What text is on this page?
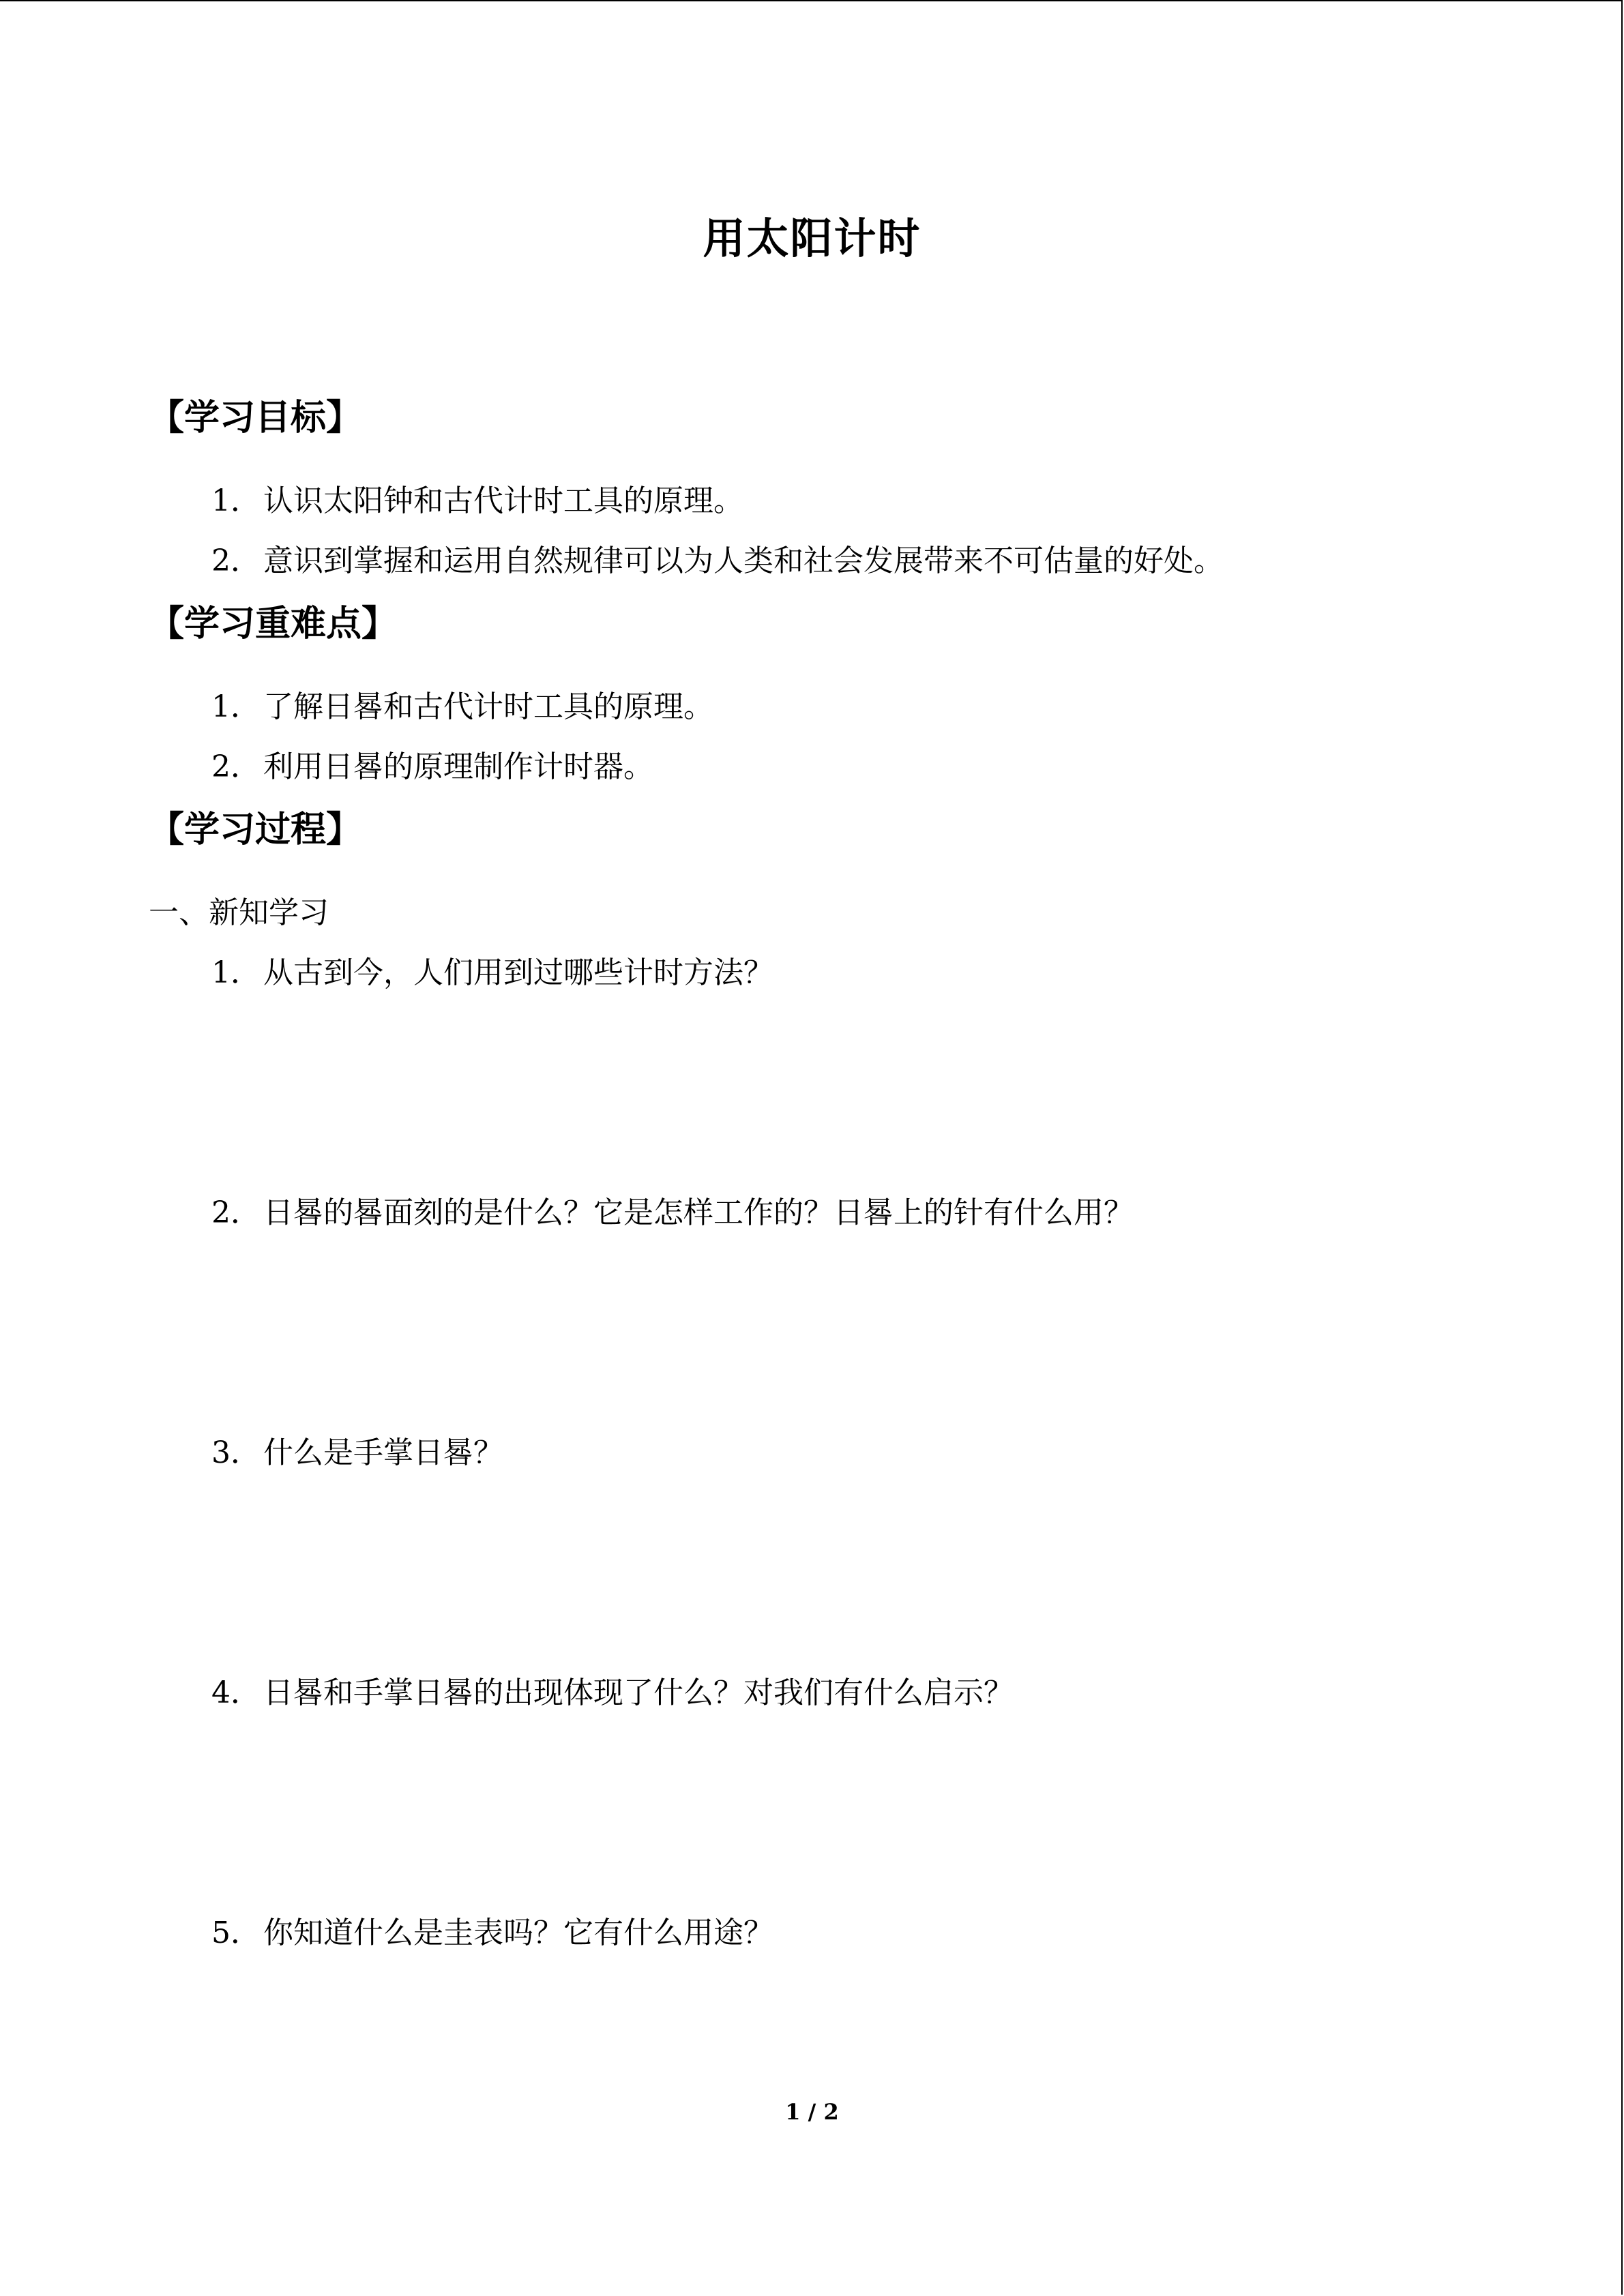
用太阳计时
【学习目标】
1．认识太阳钟和古代计时工具的原理。
2．意识到掌握和运用自然规律可以为人类和社会发展带来不可估量的好处。
【学习重难点】
1．了解日晷和古代计时工具的原理。
2．利用日晷的原理制作计时器。
【学习过程】
一、新知学习
1．从古到今，人们用到过哪些计时方法？
2．日晷的晷面刻的是什么？它是怎样工作的？日晷上的针有什么用？
3．什么是手掌日晷？
4．日晷和手掌日晷的出现体现了什么？对我们有什么启示？
5．你知道什么是圭表吗？它有什么用途？
1 / 2
